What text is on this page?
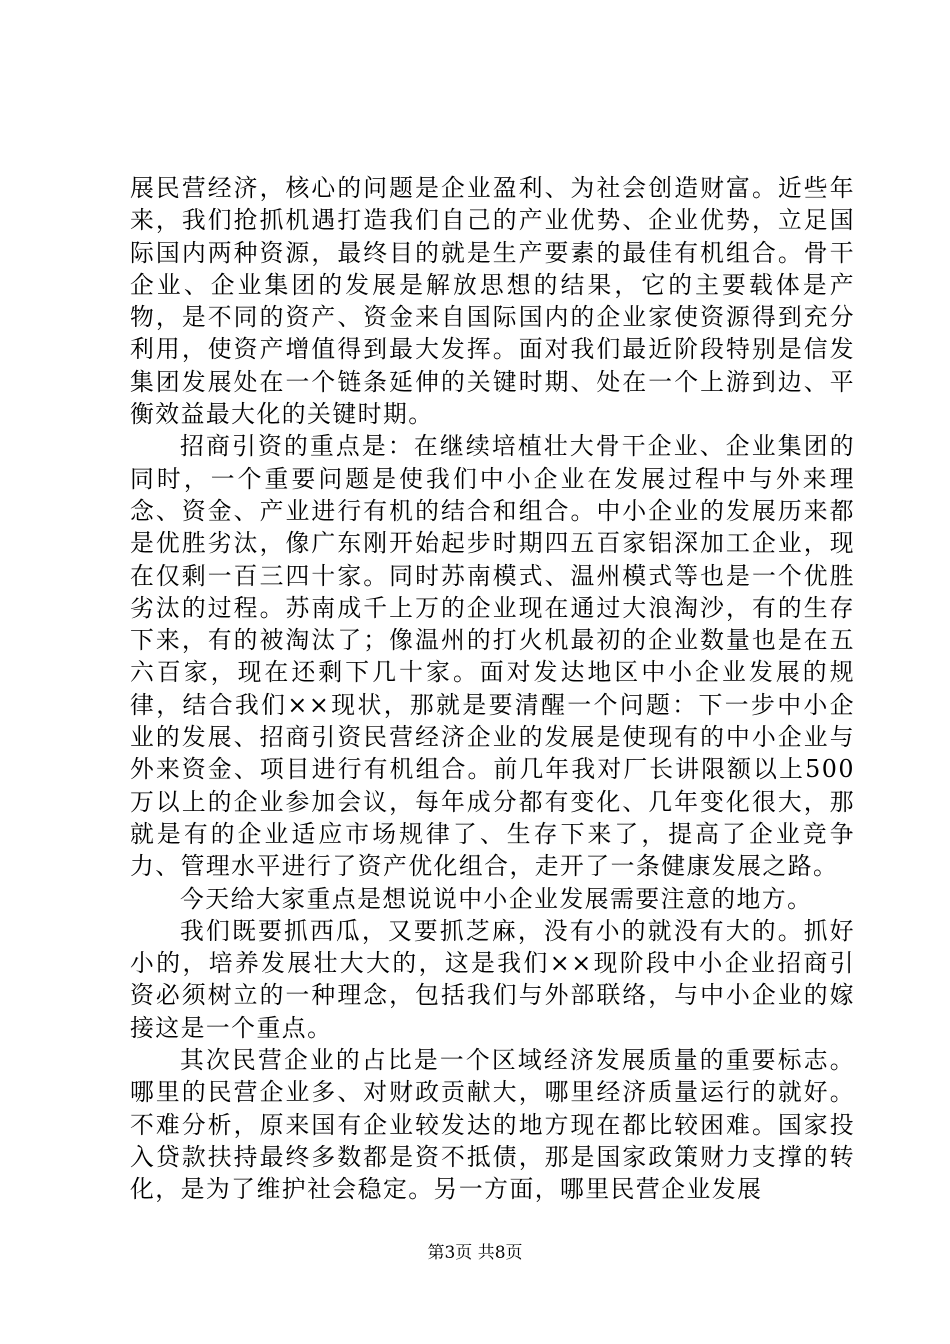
展民营经济，核心的问题是企业盈利、为社会创造财富。近些年来，我们抢抓机遇打造我们自己的产业优势、企业优势，立足国际国内两种资源，最终目的就是生产要素的最佳有机组合。骨干企业、企业集团的发展是解放思想的结果，它的主要载体是产物，是不同的资产、资金来自国际国内的企业家使资源得到充分利用，使资产增值得到最大发挥。面对我们最近阶段特别是信发集团发展处在一个链条延伸的关键时期、处在一个上游到边、平衡效益最大化的关键时期。

招商引资的重点是：在继续培植壮大骨干企业、企业集团的同时，一个重要问题是使我们中小企业在发展过程中与外来理念、资金、产业进行有机的结合和组合。中小企业的发展历来都是优胜劣汰，像广东刚开始起步时期四五百家铝深加工企业，现在仅剩一百三四十家。同时苏南模式、温州模式等也是一个优胜劣汰的过程。苏南成千上万的企业现在通过大浪淘沙，有的生存下来，有的被淘汰了；像温州的打火机最初的企业数量也是在五六百家，现在还剩下几十家。面对发达地区中小企业发展的规律，结合我们××现状，那就是要清醒一个问题：下一步中小企业的发展、招商引资民营经济企业的发展是使现有的中小企业与外来资金、项目进行有机组合。前几年我对厂长讲限额以上500万以上的企业参加会议，每年成分都有变化、几年变化很大，那就是有的企业适应市场规律了、生存下来了，提高了企业竞争力、管理水平进行了资产优化组合，走开了一条健康发展之路。

今天给大家重点是想说说中小企业发展需要注意的地方。

我们既要抓西瓜，又要抓芝麻，没有小的就没有大的。抓好小的，培养发展壮大大的，这是我们××现阶段中小企业招商引资必须树立的一种理念，包括我们与外部联络，与中小企业的嫁接这是一个重点。

其次民营企业的占比是一个区域经济发展质量的重要标志。哪里的民营企业多、对财政贡献大，哪里经济质量运行的就好。不难分析，原来国有企业较发达的地方现在都比较困难。国家投入贷款扶持最终多数都是资不抵债，那是国家政策财力支撑的转化，是为了维护社会稳定。另一方面，哪里民营企业发展

第3页 共8页
